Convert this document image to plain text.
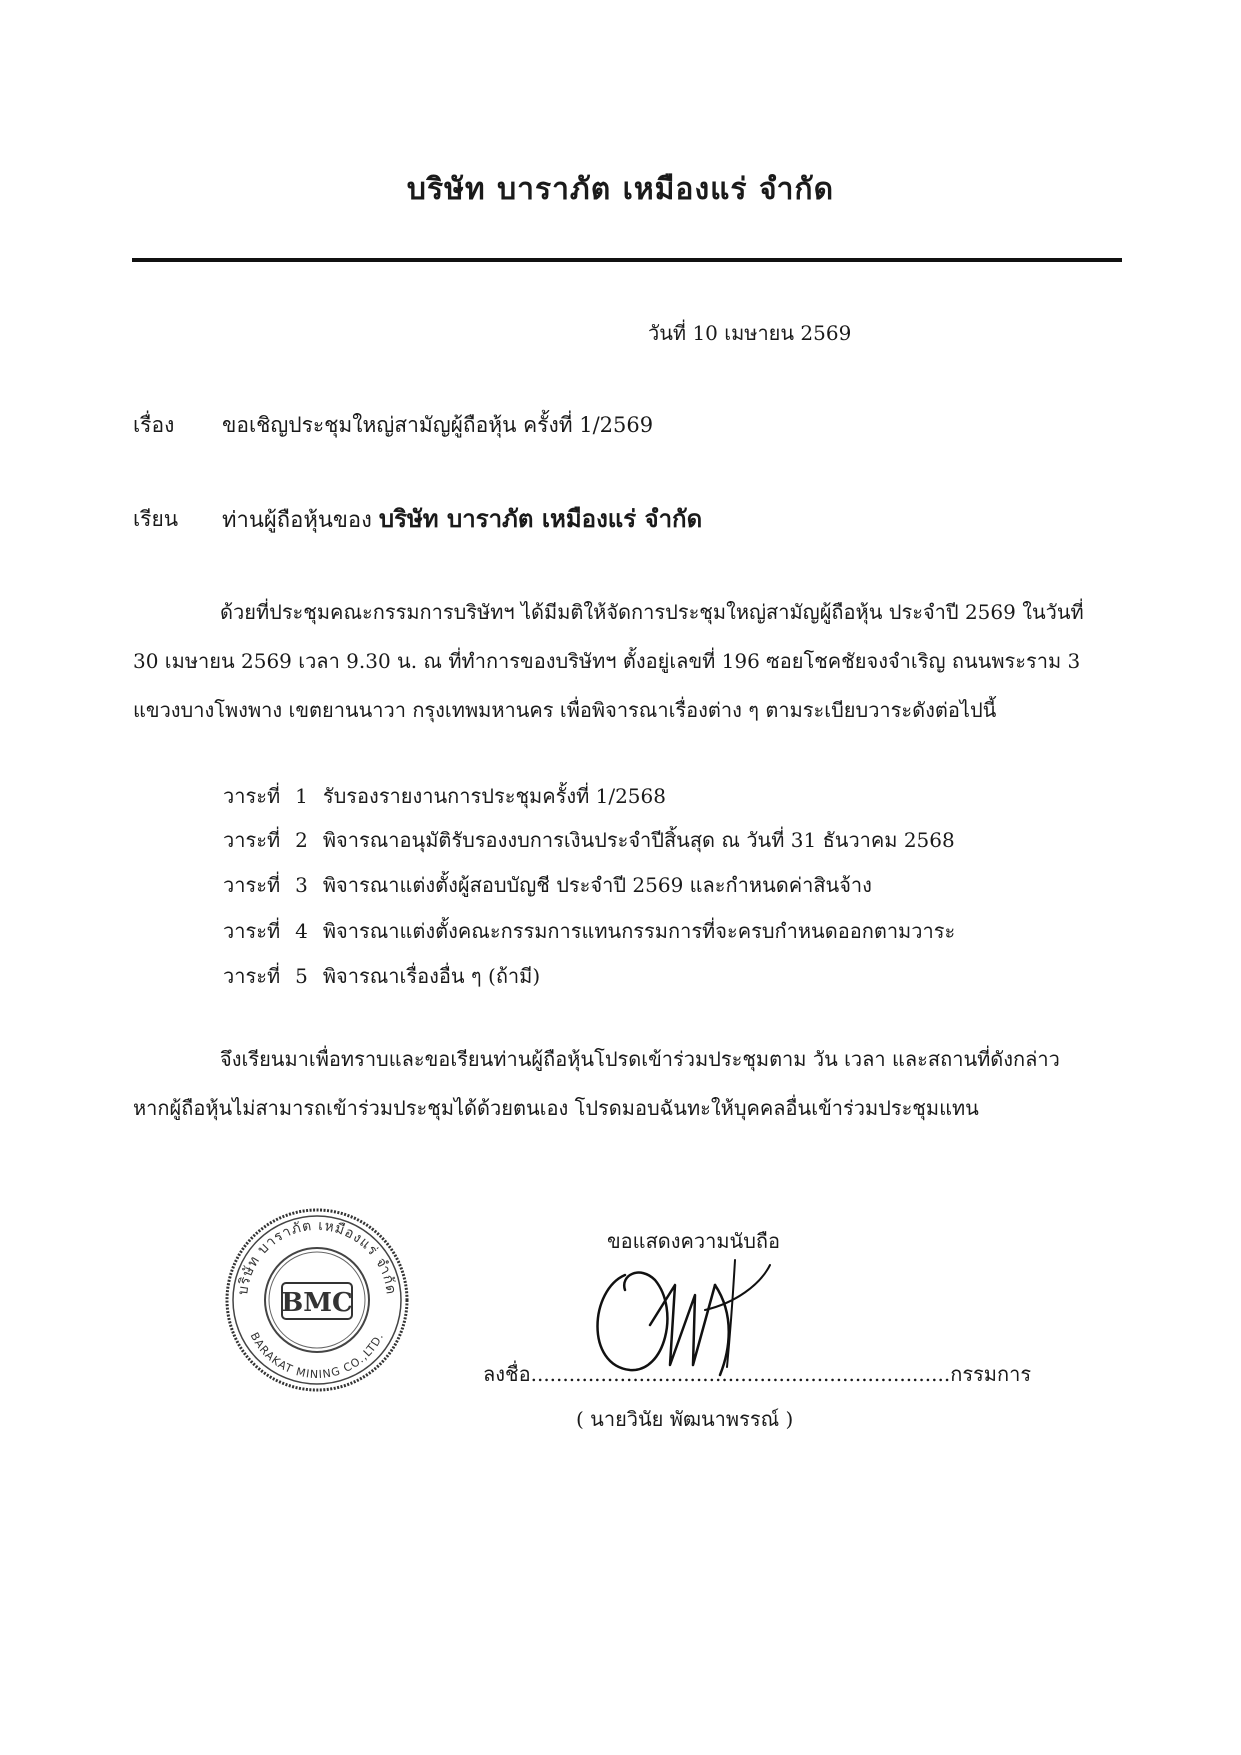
บริษัท บาราภัต เหมืองแร่ จำกัด
วันที่ 10 เมษายน 2569
เรื่อง ขอเชิญประชุมใหญ่สามัญผู้ถือหุ้น ครั้งที่ 1/2569
เรียน ท่านผู้ถือหุ้นของ บริษัท บาราภัต เหมืองแร่ จำกัด
ด้วยที่ประชุมคณะกรรมการบริษัทฯ ได้มีมติให้จัดการประชุมใหญ่สามัญผู้ถือหุ้น ประจำปี 2569 ในวันที่
30 เมษายน 2569 เวลา 9.30 น. ณ ที่ทำการของบริษัทฯ ตั้งอยู่เลขที่ 196 ซอยโชคชัยจงจำเริญ ถนนพระราม 3
แขวงบางโพงพาง เขตยานนาวา กรุงเทพมหานคร เพื่อพิจารณาเรื่องต่าง ๆ ตามระเบียบวาระดังต่อไปนี้
วาระที่ 1 รับรองรายงานการประชุมครั้งที่ 1/2568
วาระที่ 2 พิจารณาอนุมัติรับรองงบการเงินประจำปีสิ้นสุด ณ วันที่ 31 ธันวาคม 2568
วาระที่ 3 พิจารณาแต่งตั้งผู้สอบบัญชี ประจำปี 2569 และกำหนดค่าสินจ้าง
วาระที่ 4 พิจารณาแต่งตั้งคณะกรรมการแทนกรรมการที่จะครบกำหนดออกตามวาระ
วาระที่ 5 พิจารณาเรื่องอื่น ๆ (ถ้ามี)
จึงเรียนมาเพื่อทราบและขอเรียนท่านผู้ถือหุ้นโปรดเข้าร่วมประชุมตาม วัน เวลา และสถานที่ดังกล่าว
หากผู้ถือหุ้นไม่สามารถเข้าร่วมประชุมได้ด้วยตนเอง โปรดมอบฉันทะให้บุคคลอื่นเข้าร่วมประชุมแทน
บริษัท บาราภัต เหมืองแร่ จำกัด
BARAKAT MINING CO.,LTD.
BMC
ขอแสดงความนับถือ
ลงชื่อ..................................................................กรรมการ
( นายวินัย พัฒนาพรรณ์ )
